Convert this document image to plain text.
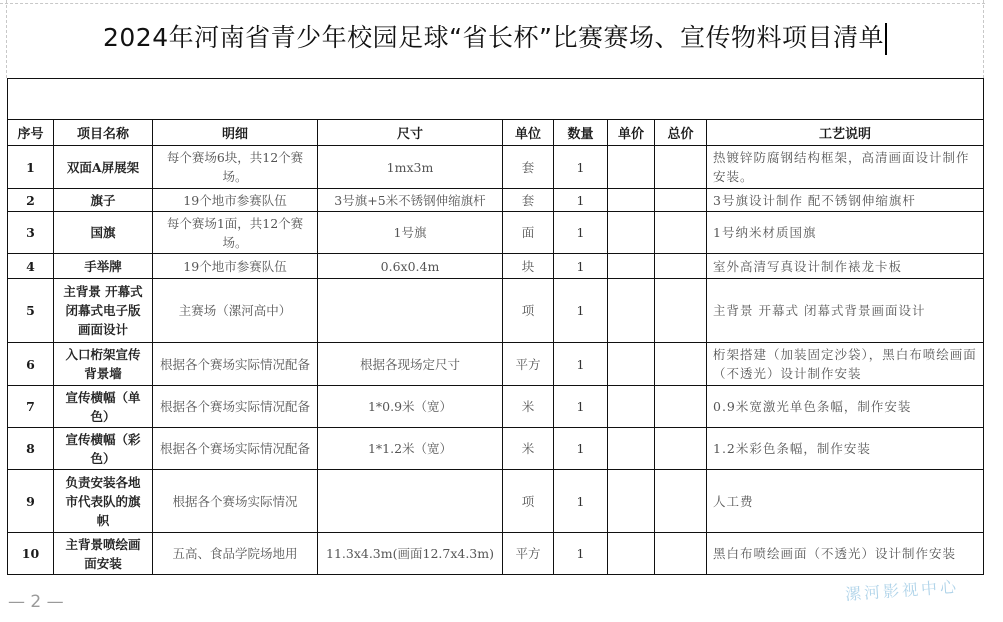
2024年河南省青少年校园足球“省长杯”比赛赛场、宣传物料项目清单

序号	项目名称	明细	尺寸	单位	数量	单价	总价	工艺说明
1	双面A屏展架	每个赛场6块，共12个赛场。	1mx3m	套	1			热镀锌防腐钢结构框架，高清画面设计制作安装。
2	旗子	19个地市参赛队伍	3号旗+5米不锈钢伸缩旗杆	套	1			3号旗设计制作 配不锈钢伸缩旗杆
3	国旗	每个赛场1面，共12个赛场。	1号旗	面	1			1号纳米材质国旗
4	手举牌	19个地市参赛队伍	0.6x0.4m	块	1			室外高清写真设计制作裱龙卡板
5	主背景 开幕式 闭幕式电子版画面设计	主赛场（漯河高中）		项	1			主背景 开幕式 闭幕式背景画面设计
6	入口桁架宣传背景墙	根据各个赛场实际情况配备	根据各现场定尺寸	平方	1			桁架搭建（加装固定沙袋），黑白布喷绘画面（不透光）设计制作安装
7	宣传横幅（单色）	根据各个赛场实际情况配备	1*0.9米（宽）	米	1			0.9米宽激光单色条幅，制作安装
8	宣传横幅（彩色）	根据各个赛场实际情况配备	1*1.2米（宽）	米	1			1.2米彩色条幅，制作安装
9	负责安装各地市代表队的旗帜	根据各个赛场实际情况		项	1			人工费
10	主背景喷绘画面安装	五高、食品学院场地用	11.3x4.3m(画面12.7x4.3m)	平方	1			黑白布喷绘画面（不透光）设计制作安装
— 2 —	漯河影视中心
